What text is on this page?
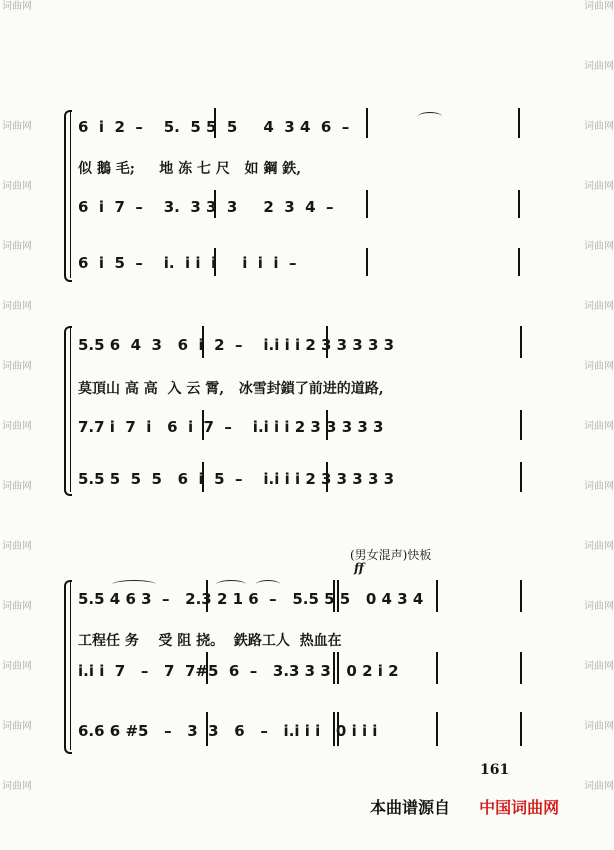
词曲网
词曲网
词曲网
词曲网
词曲网
词曲网
词曲网
词曲网
词曲网
词曲网
词曲网
词曲网
词曲网
词曲网
词曲网
词曲网
词曲网
词曲网
词曲网
词曲网
词曲网
词曲网
词曲网
词曲网
词曲网
词曲网
词曲网
6  i  2  –    5.  5 5  5     4  3 4  6  –
似 鵝 毛;     地 冻 七 尺   如 鋼 鉄,
6  i  7  –    3.  3 3  3     2  3  4  –
6  i  5  –    i.  i i  i     i  i  i  –
5.5 6  4  3   6  i  2  –    i.i i i 2 3 3 3 3 3
莫頂山 高 高  入 云 霄,   冰雪封鎖了前进的道路,
7.7 i  7  i   6  i  7  –    i.i i i 2 3 3 3 3 3
5.5 5  5  5   6  i  5  –    i.i i i 2 3 3 3 3 3
(男女混声)快板
ff
5.5 4 6 3  –   2.3 2 1 6  –   5.5 5 5   0 4 3 4
工程任 务    受 阻 挠。  鉄路工人  热血在
i.i i  7   –   7  7#5  6  –   3.3 3 3   0 2 i 2
6.6 6 #5   –   3  3   6   –   i.i i i   0 i i i
161
本曲谱源自 中国词曲网
